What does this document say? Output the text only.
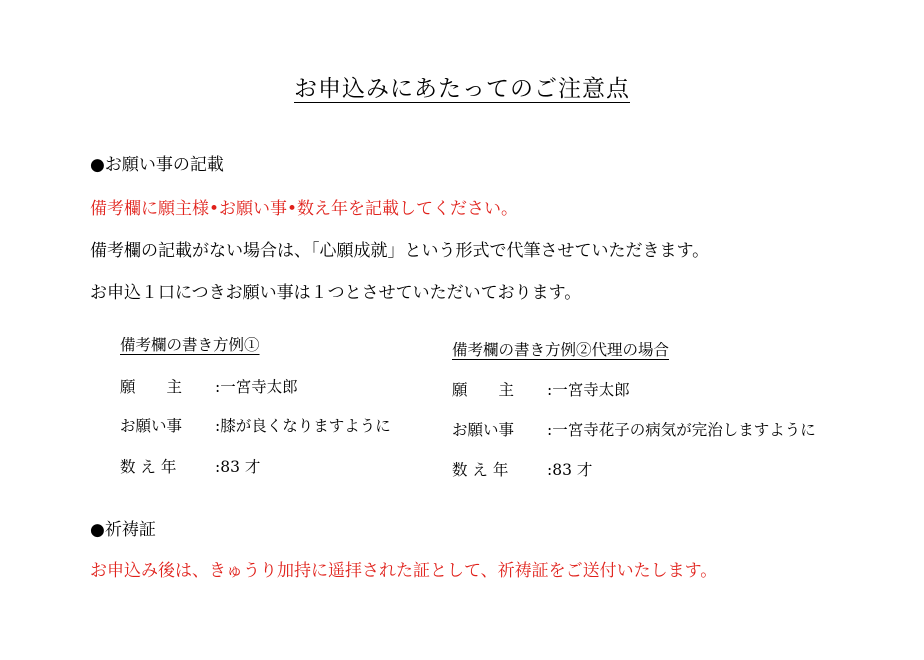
お申込みにあたってのご注意点
●お願い事の記載
備考欄に願主様•お願い事•数え年を記載してください。
備考欄の記載がない場合は、「心願成就」という形式で代筆させていただきます。
お申込１口につきお願い事は１つとさせていただいております。
備考欄の書き方例①
願　　主 :一宮寺太郎
お願い事 :膝が良くなりますように
数 え 年 :83 才
備考欄の書き方例②代理の場合
願　　主 :一宮寺太郎
お願い事 :一宮寺花子の病気が完治しますように
数 え 年 :83 才
●祈祷証
お申込み後は、きゅうり加持に遥拝された証として、祈祷証をご送付いたします。
